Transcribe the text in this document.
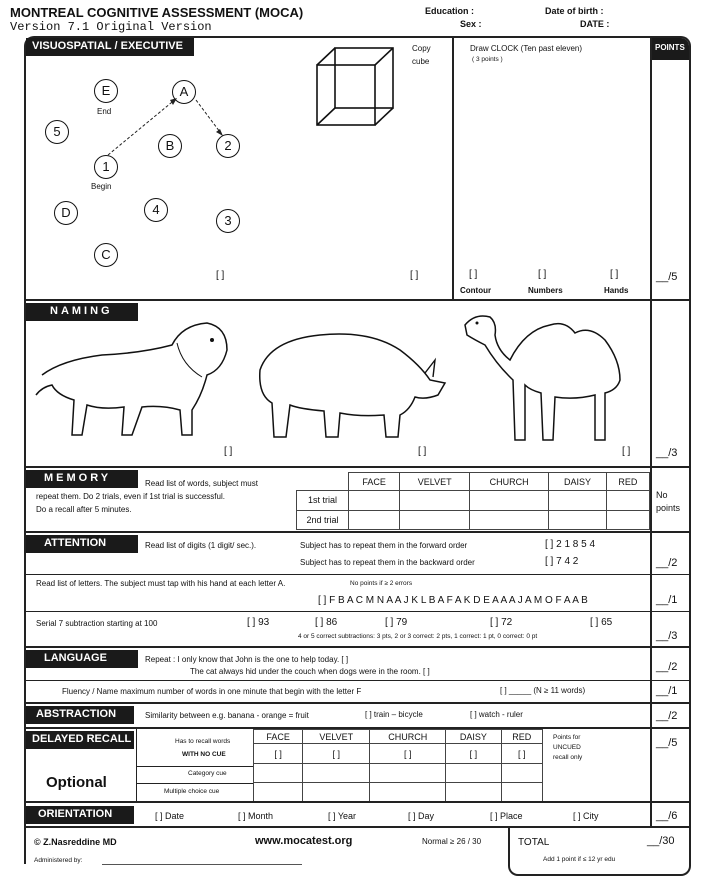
MONTREAL COGNITIVE ASSESSMENT (MOCA)
Version 7.1 Original Version
Education :
Sex :
Date of birth :
DATE :
POINTS
VISUOSPATIAL / EXECUTIVE
E
End
A
5
B	2
1
Begin
D	4
3
C
[ ]
Copy
cube
[ ]
Draw CLOCK (Ten past eleven)
( 3 points )
[ ]	[ ]	[ ]
Contour	Numbers	Hands
__/5
NAMING
[ ]	[ ]	[ ] __/3
MEMORY	Read list of words, subject must
repeat them. Do 2 trials, even if 1st trial is successful.
Do a recall after 5 minutes.
	FACE	VELVET	CHURCH	DAISY	RED
1st trial					
2nd trial					
No
points
ATTENTION	Read list of digits (1 digit/ sec.).	Subject has to repeat them in the forward order	[ ] 2 1 8 5 4
Subject has to repeat them in the backward order	[ ] 7 4 2	__/2
Read list of letters. The subject must tap with his hand at each letter A.	No points if ≥ 2 errors
[ ] F B A C M N A A J K L B A F A K D E A A A J A M O F A A B	__/1
Serial 7 subtraction starting at 100	[ ] 93	[ ] 86	[ ] 79	[ ] 72	[ ] 65
4 or 5 correct subtractions: 3 pts, 2 or 3 correct: 2 pts, 1 correct: 1 pt, 0 correct: 0 pt	__/3
LANGUAGE	Repeat : I only know that John is the one to help today. [ ]
The cat always hid under the couch when dogs were in the room. [ ]	__/2
Fluency / Name maximum number of words in one minute that begin with the letter F	[ ] _____ (N ≥ 11 words)	__/1
ABSTRACTION	Similarity between e.g. banana - orange = fruit	[ ] train – bicycle	[ ] watch - ruler	__/2
DELAYED RECALL	Has to recall words
WITH NO CUE
FACE	VELVET	CHURCH	DAISY	RED
[ ]	[ ]	[ ]	[ ]	[ ]

Points for
UNCUED
recall only
Optional
Category cue
Multiple choice cue
__/5
ORIENTATION	[ ] Date	[ ] Month	[ ] Year	[ ] Day	[ ] Place	[ ] City	__/6
© Z.Nasreddine MD	www.mocatest.org	Normal ≥ 26 / 30	TOTAL	__/30
Add 1 point if ≤ 12 yr edu
Administered by:
